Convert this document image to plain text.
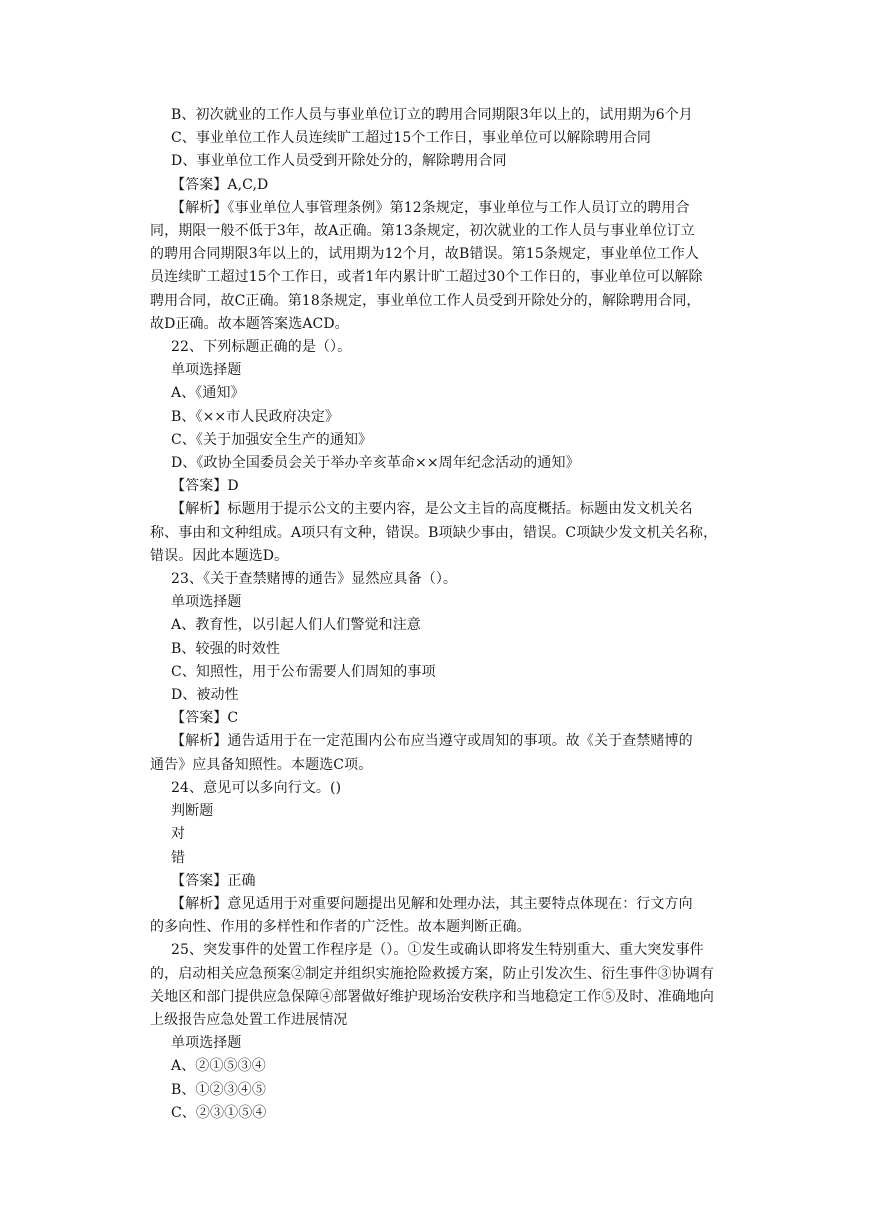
B、初次就业的工作人员与事业单位订立的聘用合同期限3年以上的，试用期为6个月
C、事业单位工作人员连续旷工超过15个工作日，事业单位可以解除聘用合同
D、事业单位工作人员受到开除处分的，解除聘用合同
【答案】A,C,D
【解析】《事业单位人事管理条例》第12条规定，事业单位与工作人员订立的聘用合
同，期限一般不低于3年，故A正确。第13条规定，初次就业的工作人员与事业单位订立
的聘用合同期限3年以上的，试用期为12个月，故B错误。第15条规定，事业单位工作人
员连续旷工超过15个工作日，或者1年内累计旷工超过30个工作日的，事业单位可以解除
聘用合同，故C正确。第18条规定，事业单位工作人员受到开除处分的，解除聘用合同，
故D正确。故本题答案选ACD。
22、下列标题正确的是（）。
单项选择题
A、《通知》
B、《××市人民政府决定》
C、《关于加强安全生产的通知》
D、《政协全国委员会关于举办辛亥革命××周年纪念活动的通知》
【答案】D
【解析】标题用于提示公文的主要内容，是公文主旨的高度概括。标题由发文机关名
称、事由和文种组成。A项只有文种，错误。B项缺少事由，错误。C项缺少发文机关名称，
错误。因此本题选D。
23、《关于查禁赌博的通告》显然应具备（）。
单项选择题
A、教育性，以引起人们人们警觉和注意
B、较强的时效性
C、知照性，用于公布需要人们周知的事项
D、被动性
【答案】C
【解析】通告适用于在一定范围内公布应当遵守或周知的事项。故《关于查禁赌博的
通告》应具备知照性。本题选C项。
24、意见可以多向行文。()
判断题
对
错
【答案】正确
【解析】意见适用于对重要问题提出见解和处理办法，其主要特点体现在：行文方向
的多向性、作用的多样性和作者的广泛性。故本题判断正确。
25、突发事件的处置工作程序是（）。①发生或确认即将发生特别重大、重大突发事件
的，启动相关应急预案②制定并组织实施抢险救援方案，防止引发次生、衍生事件③协调有
关地区和部门提供应急保障④部署做好维护现场治安秩序和当地稳定工作⑤及时、准确地向
上级报告应急处置工作进展情况
单项选择题
A、②①⑤③④
B、①②③④⑤
C、②③①⑤④
